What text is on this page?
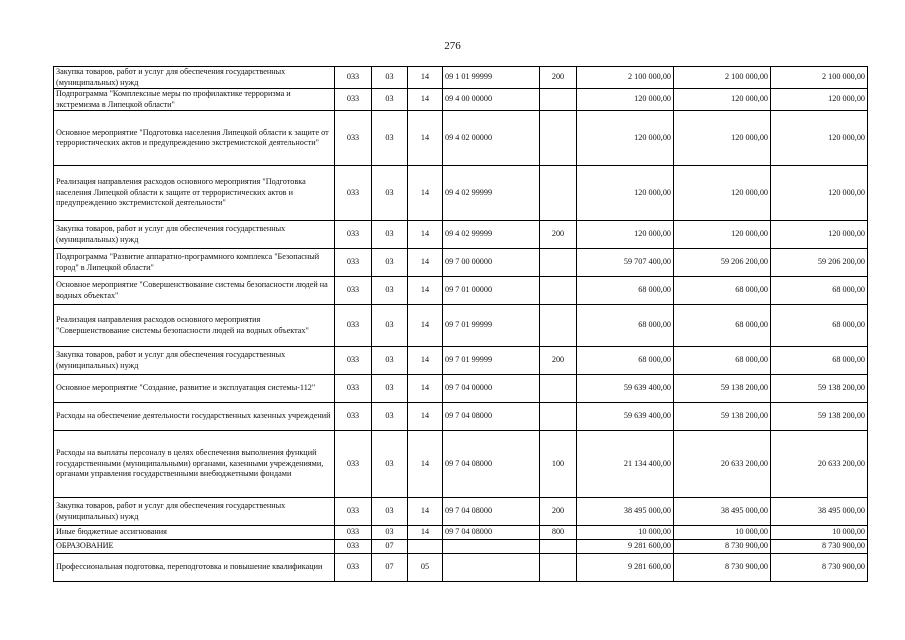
276
Закупка товаров, работ и услуг для обеспечения государственных (муниципальных) нужд	033	03	14	09 1 01 99999	200	2 100 000,00	2 100 000,00	2 100 000,00
Подпрограмма "Комплексные меры по профилактике терроризма и экстремизма в Липецкой области"	033	03	14	09 4 00 00000		120 000,00	120 000,00	120 000,00
Основное мероприятие "Подготовка населения Липецкой области к защите от террористических актов и предупреждению экстремистской деятельности"	033	03	14	09 4 02 00000		120 000,00	120 000,00	120 000,00
Реализация направления расходов основного мероприятия "Подготовка населения Липецкой области к защите от террористических актов и предупреждению экстремистской деятельности"	033	03	14	09 4 02 99999		120 000,00	120 000,00	120 000,00
Закупка товаров, работ и услуг для обеспечения государственных (муниципальных) нужд	033	03	14	09 4 02 99999	200	120 000,00	120 000,00	120 000,00
Подпрограмма "Развитие аппаратно-программного комплекса "Безопасный город" в Липецкой области"	033	03	14	09 7 00 00000		59 707 400,00	59 206 200,00	59 206 200,00
Основное мероприятие "Совершенствование системы безопасности людей на водных объектах"	033	03	14	09 7 01 00000		68 000,00	68 000,00	68 000,00
Реализация направления расходов основного мероприятия "Совершенствование системы безопасности людей на водных объектах"	033	03	14	09 7 01 99999		68 000,00	68 000,00	68 000,00
Закупка товаров, работ и услуг для обеспечения государственных (муниципальных) нужд	033	03	14	09 7 01 99999	200	68 000,00	68 000,00	68 000,00
Основное мероприятие "Создание, развитие и эксплуатация системы-112"	033	03	14	09 7 04 00000		59 639 400,00	59 138 200,00	59 138 200,00
Расходы на обеспечение деятельности государственных казенных учреждений	033	03	14	09 7 04 08000		59 639 400,00	59 138 200,00	59 138 200,00
Расходы на выплаты персоналу в целях обеспечения выполнения функций государственными (муниципальными) органами, казенными учреждениями, органами управления государственными внебюджетными фондами	033	03	14	09 7 04 08000	100	21 134 400,00	20 633 200,00	20 633 200,00
Закупка товаров, работ и услуг для обеспечения государственных (муниципальных) нужд	033	03	14	09 7 04 08000	200	38 495 000,00	38 495 000,00	38 495 000,00
Иные бюджетные ассигнования	033	03	14	09 7 04 08000	800	10 000,00	10 000,00	10 000,00
ОБРАЗОВАНИЕ	033	07				9 281 600,00	8 730 900,00	8 730 900,00
Профессиональная подготовка, переподготовка и повышение квалификации	033	07	05			9 281 600,00	8 730 900,00	8 730 900,00
